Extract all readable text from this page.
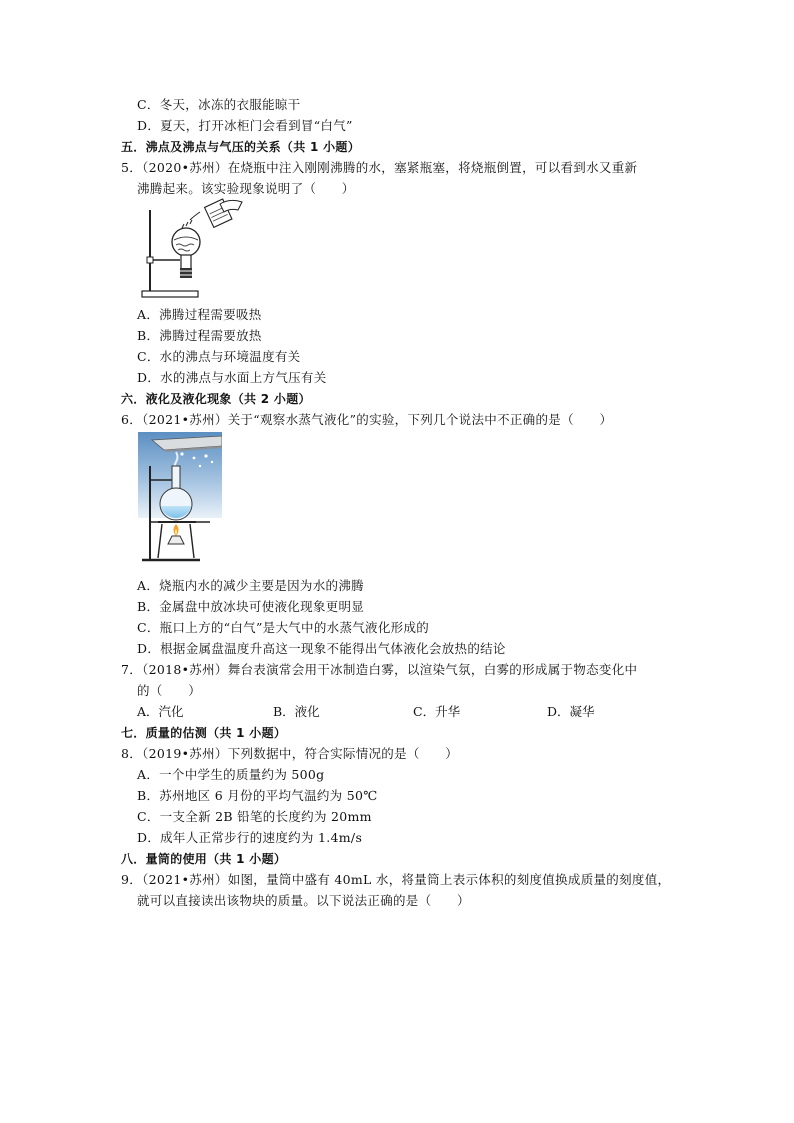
C．冬天，冰冻的衣服能晾干
D．夏天，打开冰柜门会看到冒“白气”
五．沸点及沸点与气压的关系（共 1 小题）
5．（2020•苏州）在烧瓶中注入刚刚沸腾的水，塞紧瓶塞，将烧瓶倒置，可以看到水又重新
沸腾起来。该实验现象说明了（　　）
A．沸腾过程需要吸热
B．沸腾过程需要放热
C．水的沸点与环境温度有关
D．水的沸点与水面上方气压有关
六．液化及液化现象（共 2 小题）
6．（2021•苏州）关于“观察水蒸气液化”的实验，下列几个说法中不正确的是（　　）
A．烧瓶内水的减少主要是因为水的沸腾
B．金属盘中放冰块可使液化现象更明显
C．瓶口上方的“白气”是大气中的水蒸气液化形成的
D．根据金属盘温度升高这一现象不能得出气体液化会放热的结论
7．（2018•苏州）舞台表演常会用干冰制造白雾，以渲染气氛，白雾的形成属于物态变化中
的（　　）
A．汽化	B．液化	C．升华	D．凝华
七．质量的估测（共 1 小题）
8．（2019•苏州）下列数据中，符合实际情况的是（　　）
A．一个中学生的质量约为 500g
B．苏州地区 6 月份的平均气温约为 50℃
C．一支全新 2B 铅笔的长度约为 20mm
D．成年人正常步行的速度约为 1.4m/s
八．量筒的使用（共 1 小题）
9．（2021•苏州）如图，量筒中盛有 40mL 水，将量筒上表示体积的刻度值换成质量的刻度值，
就可以直接读出该物块的质量。以下说法正确的是（　　）
